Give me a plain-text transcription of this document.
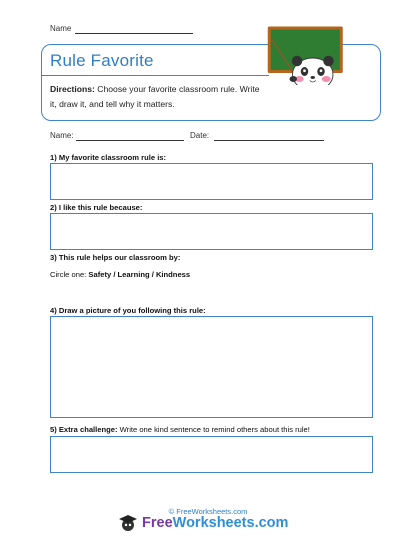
Name
Rule Favorite
Directions: Choose your favorite classroom rule. Write it, draw it, and tell why it matters.
Name:	Date:
1) My favorite classroom rule is:
2) I like this rule because:
3) This rule helps our classroom by:
Circle one: Safety / Learning / Kindness
4) Draw a picture of you following this rule:
5) Extra challenge: Write one kind sentence to remind others about this rule!
© FreeWorksheets.com
FreeWorksheets.com
